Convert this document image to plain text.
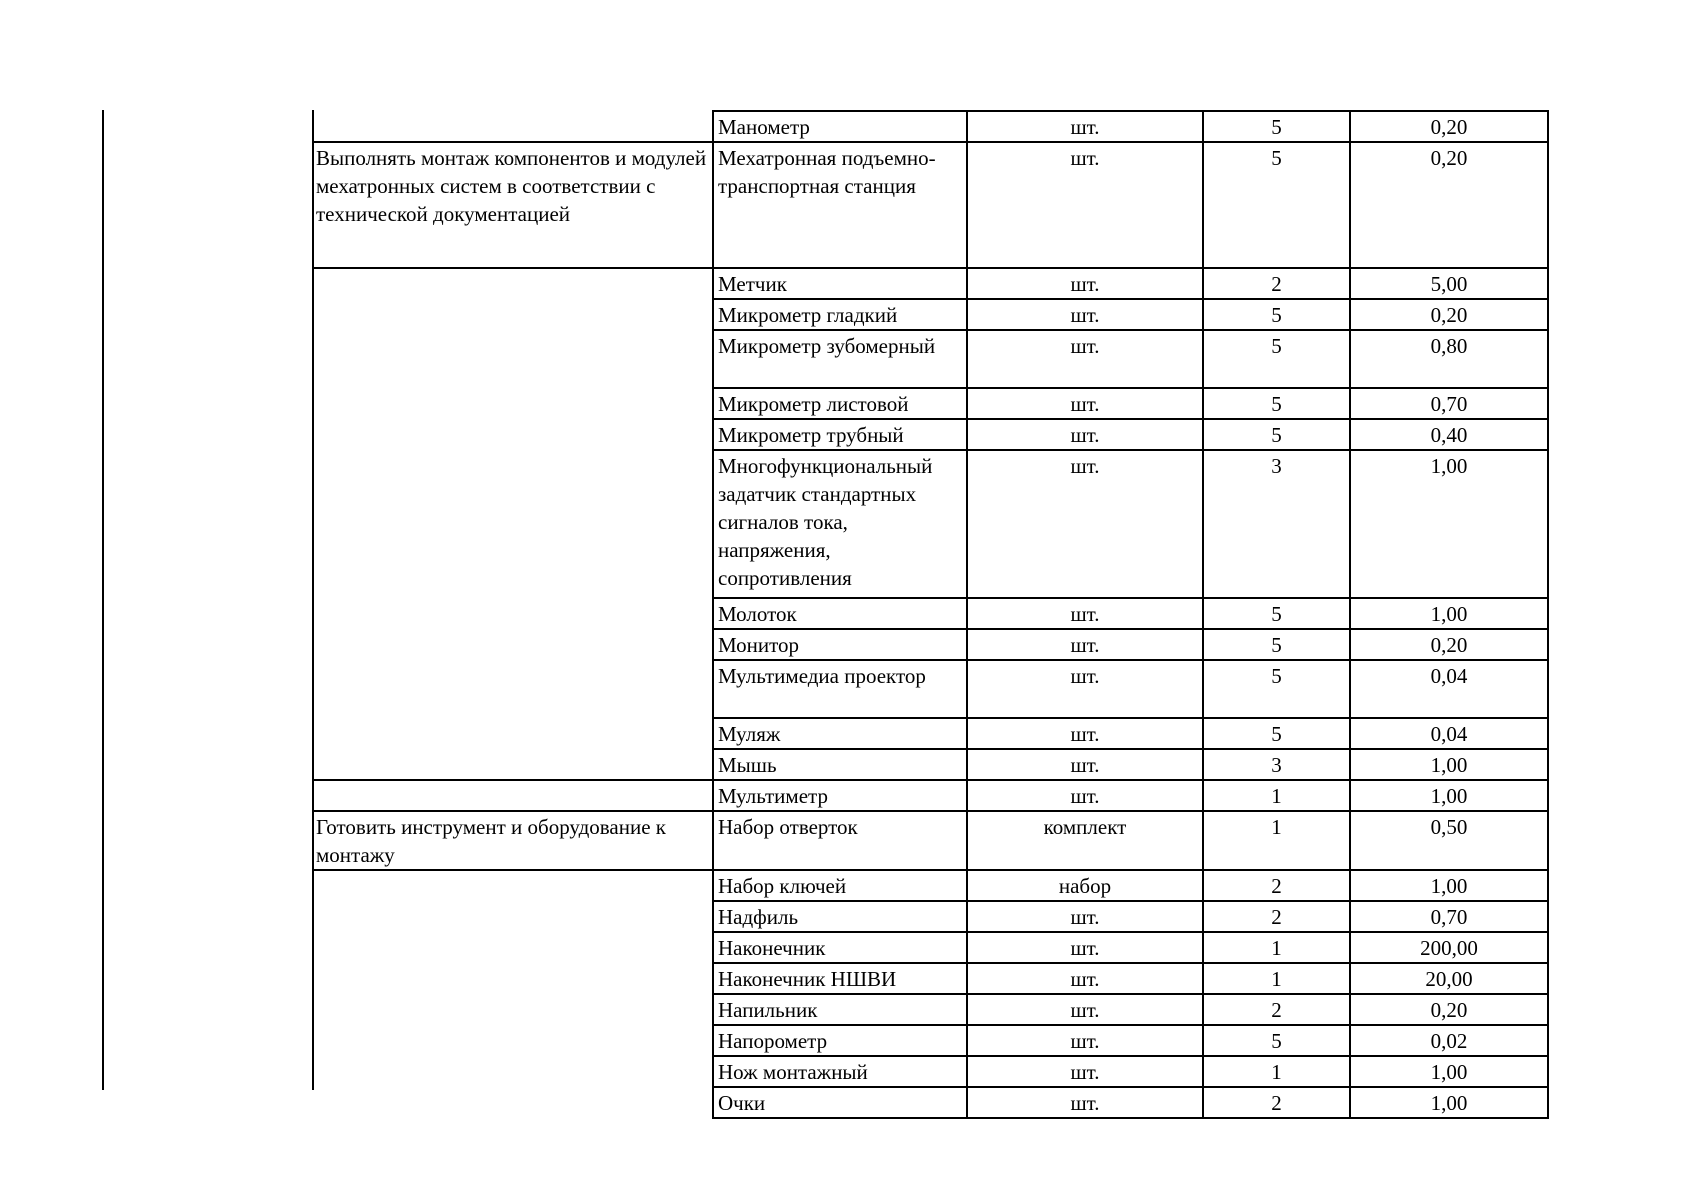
	Манометр	шт.	5	0,20
Выполнять монтаж компонентов и модулей мехатронных систем в соответствии с технической документацией	Мехатронная подъемно-транспортная станция	шт.	5	0,20
	Метчик	шт.	2	5,00
	Микрометр гладкий	шт.	5	0,20
	Микрометр зубомерный	шт.	5	0,80
	Микрометр листовой	шт.	5	0,70
	Микрометр трубный	шт.	5	0,40
	Многофункциональный задатчик стандартных сигналов тока, напряжения, сопротивления	шт.	3	1,00
	Молоток	шт.	5	1,00
	Монитор	шт.	5	0,20
	Мультимедиа проектор	шт.	5	0,04
	Муляж	шт.	5	0,04
	Мышь	шт.	3	1,00
	Мультиметр	шт.	1	1,00
Готовить инструмент и оборудование к монтажу	Набор отверток	комплект	1	0,50
	Набор ключей	набор	2	1,00
	Надфиль	шт.	2	0,70
	Наконечник	шт.	1	200,00
	Наконечник НШВИ	шт.	1	20,00
	Напильник	шт.	2	0,20
	Напорометр	шт.	5	0,02
	Нож монтажный	шт.	1	1,00
	Очки	шт.	2	1,00
